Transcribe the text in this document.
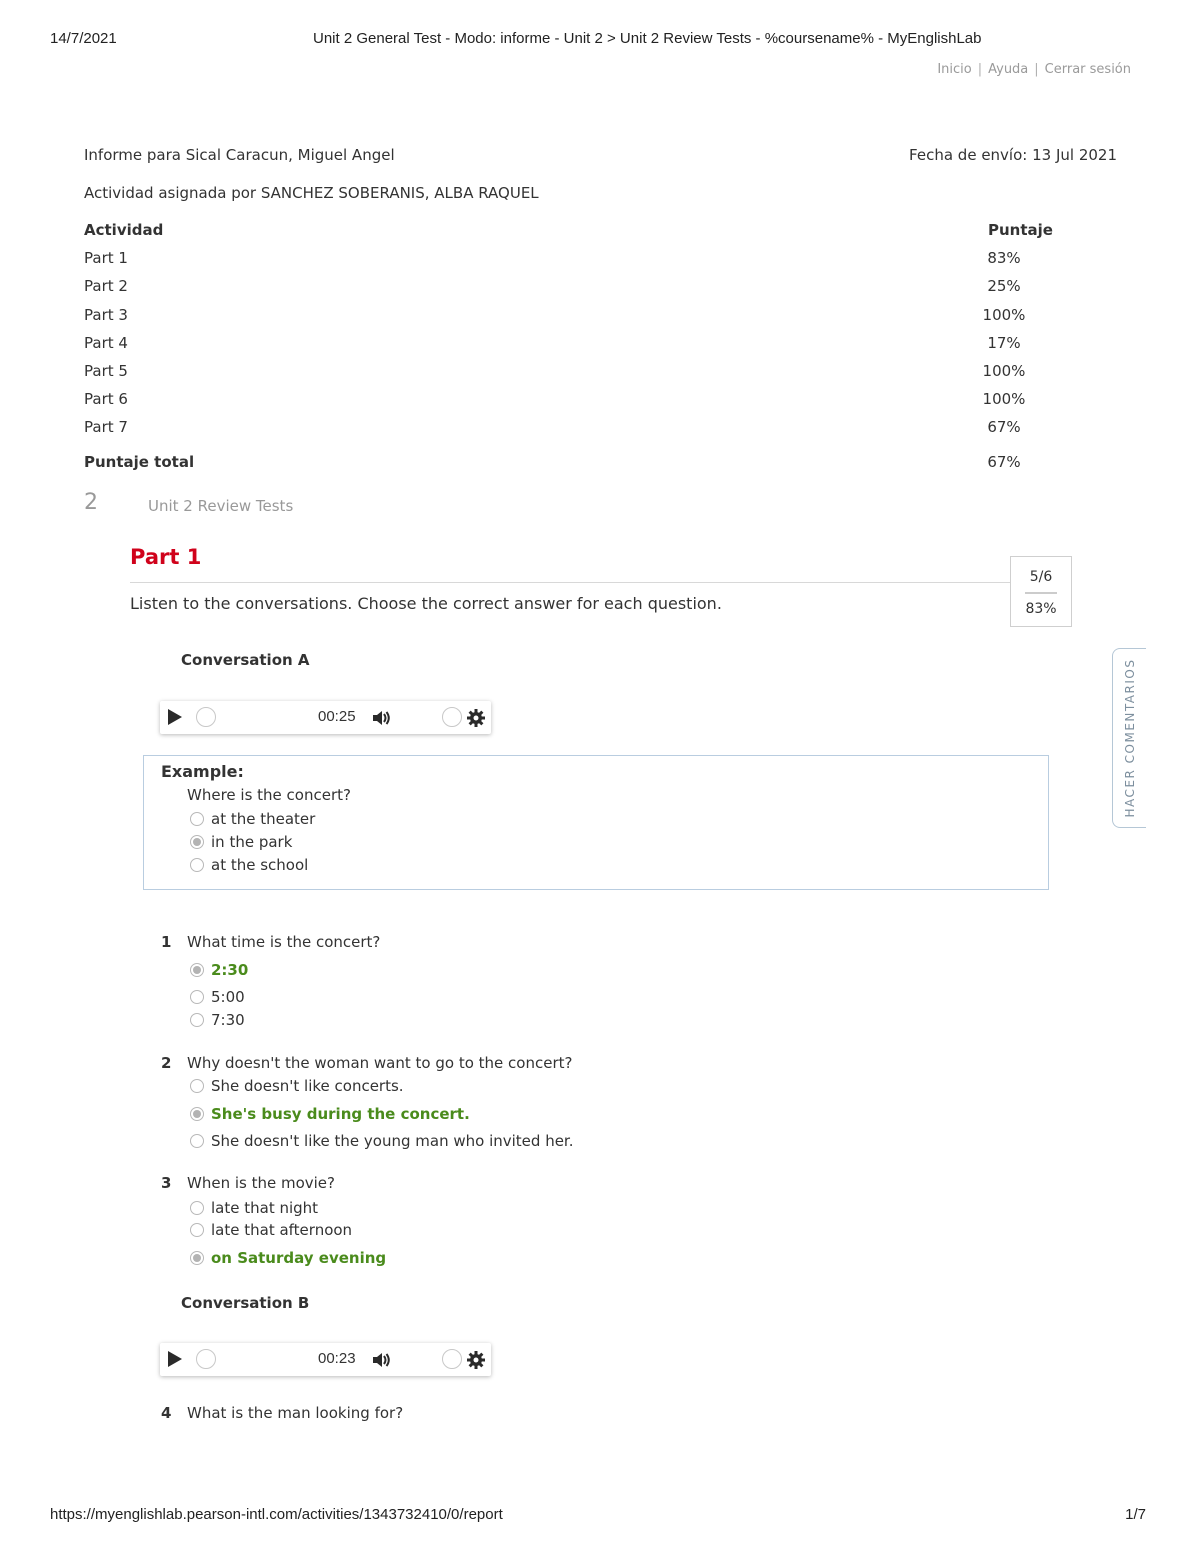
14/7/2021	Unit 2 General Test - Modo: informe - Unit 2 > Unit 2 Review Tests - %coursename% - MyEnglishLab
Inicio | Ayuda | Cerrar sesión
Informe para Sical Caracun, Miguel Angel	Fecha de envío: 13 Jul 2021
Actividad asignada por SANCHEZ SOBERANIS, ALBA RAQUEL
Actividad	Puntaje
Part 1	83%
Part 2	25%
Part 3	100%
Part 4	17%
Part 5	100%
Part 6	100%
Part 7	67%
Puntaje total	67%
2	Unit 2 Review Tests
Part 1
Listen to the conversations. Choose the correct answer for each question.
5/6
83%
HACER COMENTARIOS
Conversation A
00:25
Example:
Where is the concert?
at the theater
in the park
at the school
1 What time is the concert?
2:30
5:00
7:30
2 Why doesn't the woman want to go to the concert?
She doesn't like concerts.
She's busy during the concert.
She doesn't like the young man who invited her.
3 When is the movie?
late that night
late that afternoon
on Saturday evening
Conversation B
00:23
4 What is the man looking for?
https://myenglishlab.pearson-intl.com/activities/1343732410/0/report	1/7
